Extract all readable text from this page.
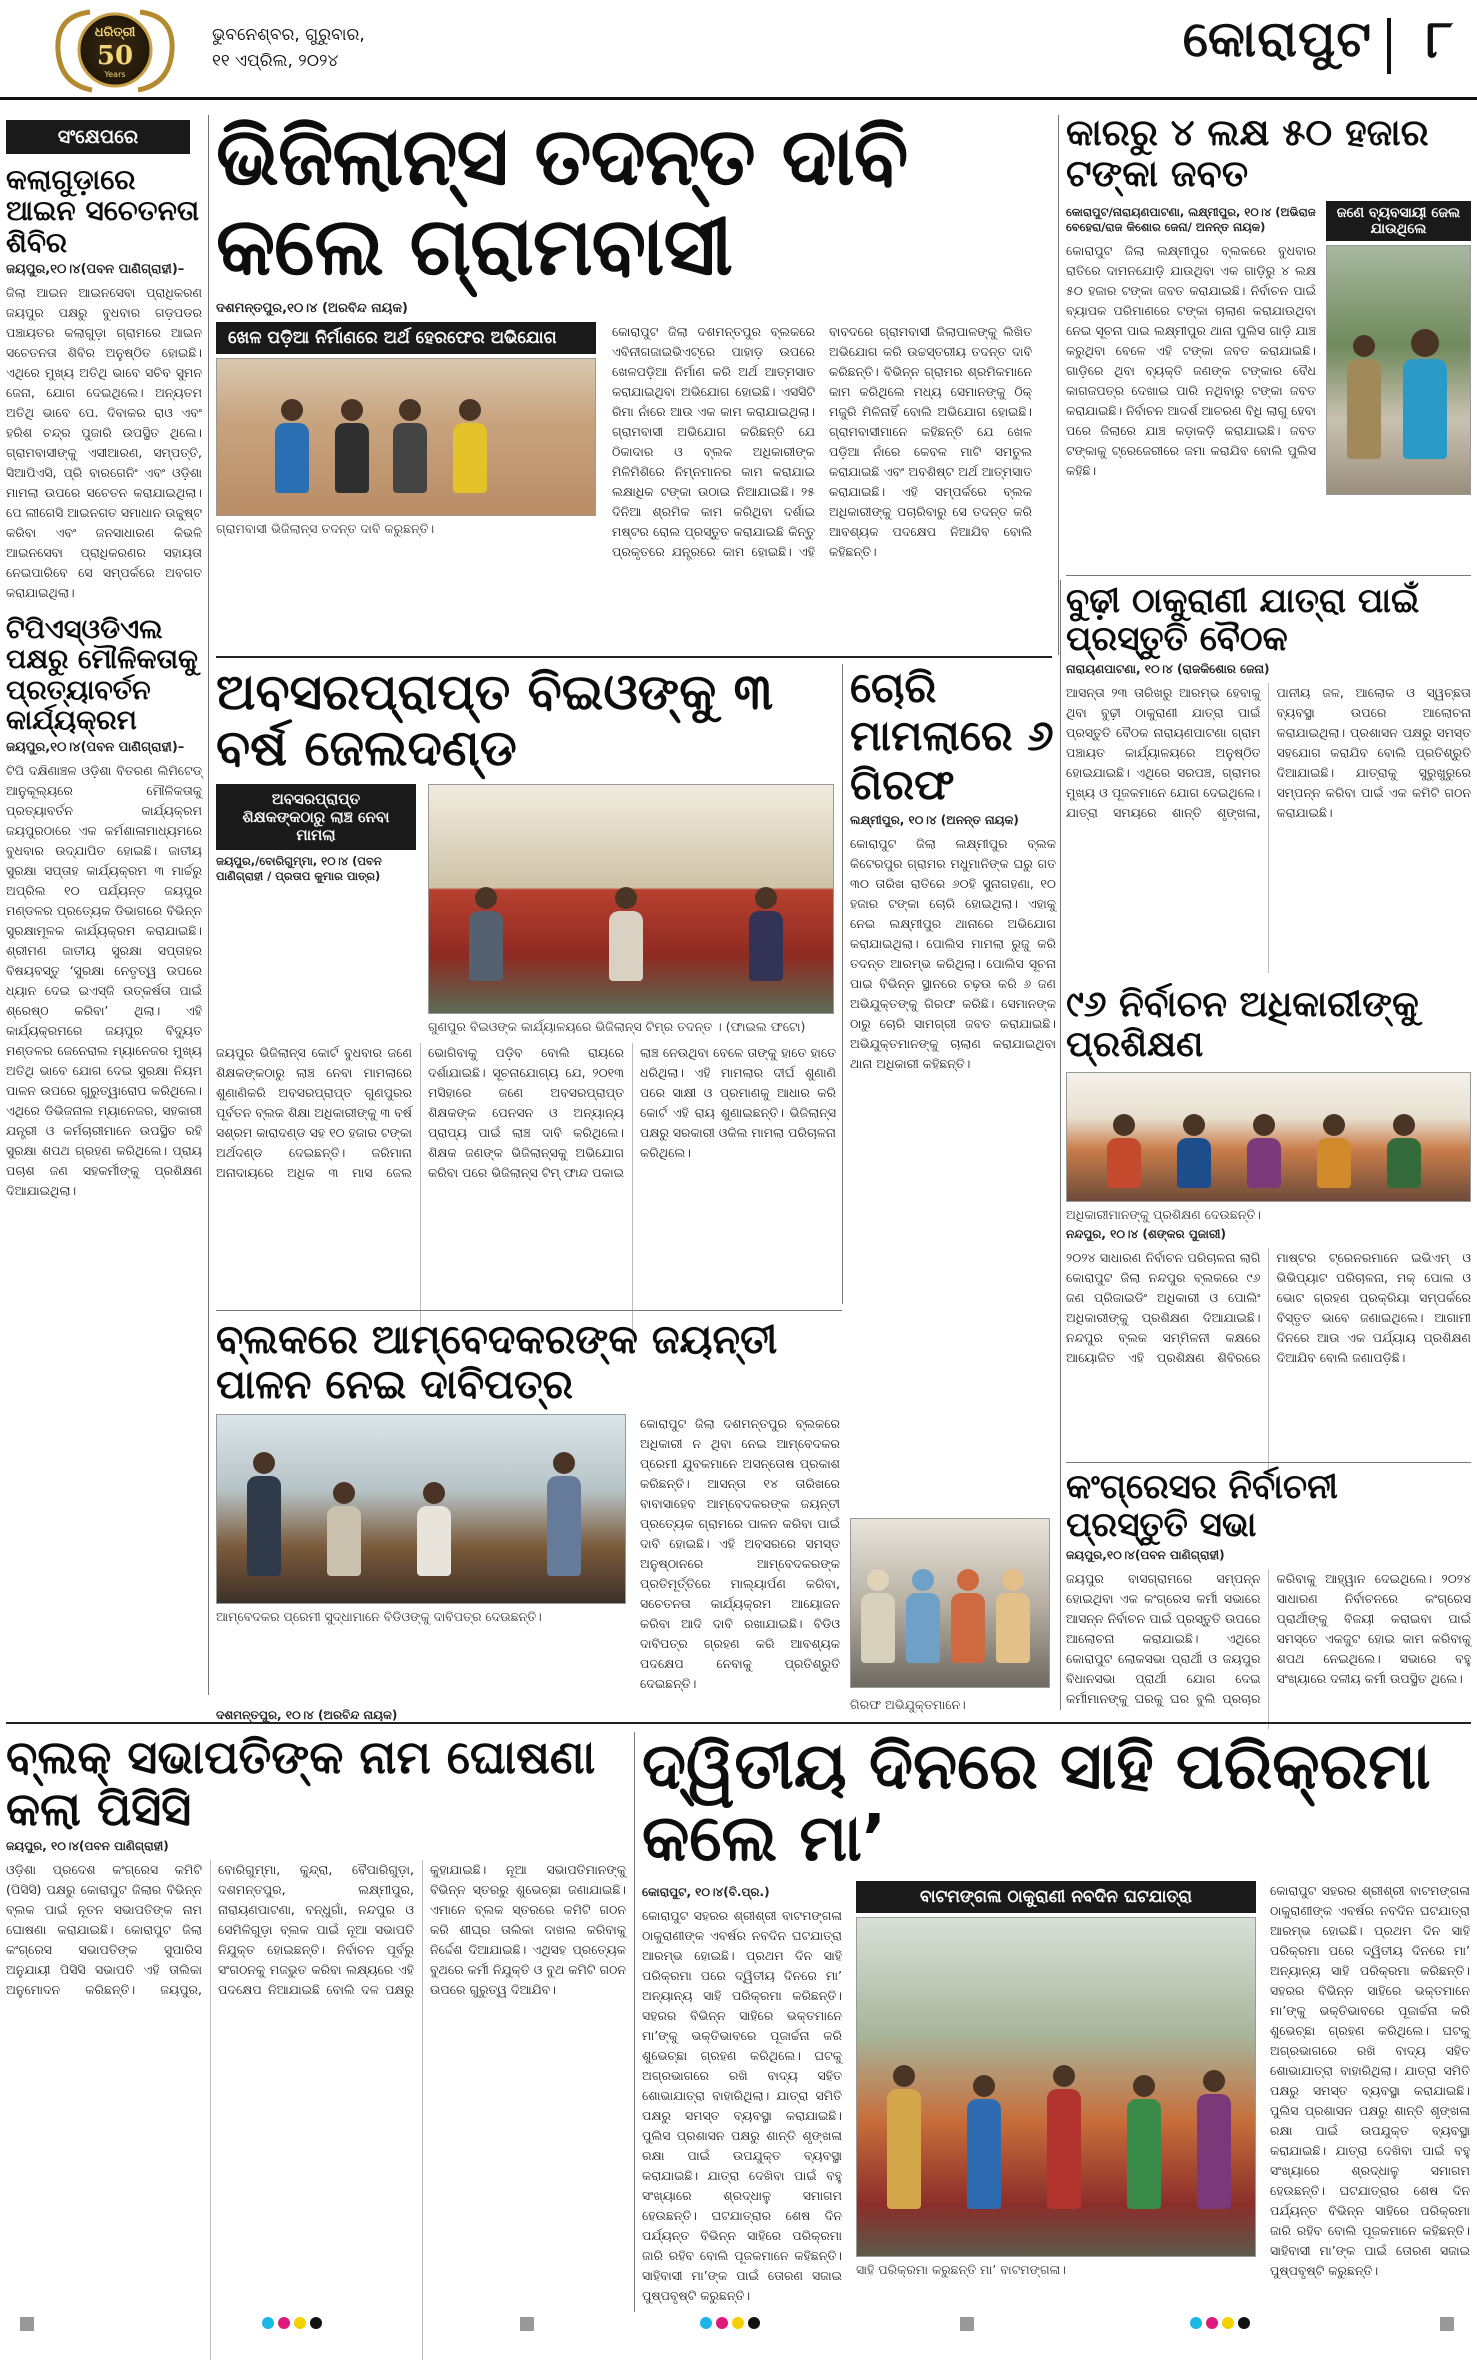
ଧରିତ୍ରୀ
50
Years
ଭୁବନେଶ୍ବର, ଗୁରୁବାର,
୧୧ ଏପ୍ରିଲ, ୨୦୨୪	କୋରାପୁଟ ୮
ସଂକ୍ଷେପରେ
କଲାଗୁଡ଼ାରେ ଆଇନ ସଚେତନତା ଶିବିର
ଜୟପୁର,୧୦।୪(ପବନ ପାଣିଗ୍ରାହୀ)–
ଜିଲା ଆଇନ ଆଇନସେବା ପ୍ରାଧିକରଣ ଜୟପୁର ପକ୍ଷରୁ ବୁଧବାର ଗଡ଼ପଡର ପଞ୍ଚାୟତର କଲାଗୁଡ଼ା ଗ୍ରାମରେ ଆଇନ ସଚେତନତା ଶିବିର ଅନୁଷ୍ଠିତ ହୋଇଛି। ଏଥିରେ ମୁଖ୍ୟ ଅତିଥି ଭାବେ ସଚିବ ସୁମନ ଜେନା, ଯୋଗ ଦେଇଥିଲେ। ଅନ୍ୟତମ ଅତିଥି ଭାବେ ପେ. ଦିବାକର ରାଓ ଏବଂ ହରିଶ ଚନ୍ଦ୍ର ପୁଜାରି ଉପସ୍ଥିତ ଥିଲେ। ଗ୍ରାମବାସୀଙ୍କୁ ଏସୀଆରଣ, ସମ୍ପତ୍ତି, ସିଆପିଏସି, ପ୍ରି ବାରଗେନିଂ ଏବଂ ଓଡ଼ିଶା ମାମଲା ଉପରେ ସଚେତନ କରାଯାଇଥିଲା। ପେ ଲୀଗେସି ଆଇନଗତ ସମାଧାନ ଉଚ୍ଚୁଷ୍ଟ କରିବା ଏବଂ ଜନସାଧାରଣ କିଭଳି ଆଇନସେବା ପ୍ରାଧିକରଣର ସହାୟତା ନେଇପାରିବେ ସେ ସମ୍ପର୍କରେ ଅବଗତ କରାଯାଇଥିଲା।
ଟିପିଏସ୍ଓଡିଏଲ ପକ୍ଷରୁ ମୌଳିକତାକୁ ପ୍ରତ୍ୟାବର୍ତନ କାର୍ଯ୍ୟକ୍ରମ
ଜୟପୁର,୧୦।୪(ପବନ ପାଣିଗ୍ରାହୀ)–
ଟିପି ଦକ୍ଷିଣାଞ୍ଚଳ ଓଡ଼ିଶା ବିତରଣ ଲିମିଟେଡ୍ ଆନୁକୂଲ୍ୟରେ ମୌଳିକତାକୁ ପ୍ରତ୍ୟାବର୍ତନ କାର୍ଯ୍ୟକ୍ରମ ଜୟପୁରଠାରେ ଏକ କର୍ମଶାଳାମାଧ୍ୟମରେ ବୁଧବାର ଉଦ୍ଯାପିତ ହୋଇଛି। ଜାତୀୟ ସୁରକ୍ଷା ସପ୍ତାହ କାର୍ଯ୍ୟକ୍ରମ ୩ ମାର୍ଚ୍ଚରୁ ଅପ୍ରିଲ ୧୦ ପର୍ଯ୍ୟନ୍ତ ଜୟପୁର ମଣ୍ଡଳର ପ୍ରତ୍ୟେକ ଡିଭାଗରେ ବିଭିନ୍ନ ସୁରକ୍ଷାମୂଳକ କାର୍ଯ୍ୟକ୍ରମ କରାଯାଇଛି। ଶ୍ରୀମଣ ଜାତୀୟ ସୁରକ୍ଷା ସପ୍ତାହର ବିଷୟବସ୍ତୁ ‘ସୁରକ୍ଷା ନେତୃତ୍ୱ ଉପରେ ଧ୍ୟାନ ଦେଇ ଇଏସ୍ଜି ଉତ୍କର୍ଷତା ପାଇଁ ଶ୍ରେଷ୍ଠ କରିବା’ ଥିଲା। ଏହି କାର୍ଯ୍ୟକ୍ରମରେ ଜୟପୁର ବିଦ୍ୟୁତ ମଣ୍ଡଳର ଜେନେରାଲ ମ୍ୟାନେଜର ମୁଖ୍ୟ ଅତିଥି ଭାବେ ଯୋଗ ଦେଇ ସୁରକ୍ଷା ନିୟମ ପାଳନ ଉପରେ ଗୁରୁତ୍ୱାରୋପ କରିଥିଲେ। ଏଥିରେ ଡିଭିଜନାଲ ମ୍ୟାନେଜର, ସହକାରୀ ଯନ୍ତ୍ରୀ ଓ କର୍ମଚାରୀମାନେ ଉପସ୍ଥିତ ରହି ସୁରକ୍ଷା ଶପଥ ଗ୍ରହଣ କରିଥିଲେ। ପ୍ରାୟ ପଚାଶ ଜଣ ସହକର୍ମୀଙ୍କୁ ପ୍ରଶିକ୍ଷଣ ଦିଆଯାଇଥିଲା।
ଭିଜିଲାନ୍ସ ତଦନ୍ତ ଦାବି କଲେ ଗ୍ରାମବାସୀ
ଦଶମନ୍ତପୁର,୧୦।୪ (ଅରବିନ୍ଦ ନାୟକ)
ଖେଳ ପଡ଼ିଆ ନିର୍ମାଣରେ ଅର୍ଥ ହେରଫେର ଅଭିଯୋଗ
ଗ୍ରାମବାସୀ ଭିଜିଲାନ୍ସ ତଦନ୍ତ ଦାବି କରୁଛନ୍ତି।
କୋରାପୁଟ ଜିଲା ଦଶମନ୍ତପୁର ବ୍ଲକରେ ଏବିନୀଗଜାଇଭିଏଟ୍‌ରେ ପାହାଡ଼ ଉପରେ ଖେଳପଡ଼ିଆ ନିର୍ମାଣ କରି ଅର୍ଥ ଆତ୍ମସାତ କରାଯାଇଥିବା ଅଭିଯୋଗ ହୋଇଛି। ଏସସିଟି ରିମା ନାଁରେ ଆଉ ଏକ କାମ କରାଯାଇଥିଲା। ଗ୍ରାମବାସୀ ଅଭିଯୋଗ କରିଛନ୍ତି ଯେ ଠିକାଦାର ଓ ବ୍ଲକ ଅଧିକାରୀଙ୍କ ମିଳିମିଶିରେ ନିମ୍ନମାନର କାମ କରାଯାଇ ଲକ୍ଷାଧିକ ଟଙ୍କା ଉଠାଇ ନିଆଯାଇଛି। ୨୫ ଦିନିଆ ଶ୍ରମିକ କାମ କରିଥିବା ଦର୍ଶାଇ ମଷ୍ଟର ରୋଲ ପ୍ରସ୍ତୁତ କରାଯାଇଛି କିନ୍ତୁ ପ୍ରକୃତରେ ଯନ୍ତ୍ରରେ କାମ ହୋଇଛି। ଏହି ବାବଦରେ ଗ୍ରାମବାସୀ ଜିଲାପାଳଙ୍କୁ ଲିଖିତ ଅଭିଯୋଗ କରି ଉଚ୍ଚସ୍ତରୀୟ ତଦନ୍ତ ଦାବି କରିଛନ୍ତି। ବିଭିନ୍ନ ଗ୍ରାମର ଶ୍ରମିକମାନେ କାମ କରିଥିଲେ ମଧ୍ୟ ସେମାନଙ୍କୁ ଠିକ୍ ମଜୁରି ମିଳିନାହିଁ ବୋଲି ଅଭିଯୋଗ ହୋଇଛି। ଗ୍ରାମବାସୀମାନେ କହିଛନ୍ତି ଯେ ଖେଳ ପଡ଼ିଆ ନାଁରେ କେବଳ ମାଟି ସମତୁଲ କରାଯାଇଛି ଏବଂ ଅବଶିଷ୍ଟ ଅର୍ଥ ଆତ୍ମସାତ କରାଯାଇଛି। ଏହି ସମ୍ପର୍କରେ ବ୍ଲକ ଅଧିକାରୀଙ୍କୁ ପଚାରିବାରୁ ସେ ତଦନ୍ତ କରି ଆବଶ୍ୟକ ପଦକ୍ଷେପ ନିଆଯିବ ବୋଲି କହିଛନ୍ତି।
କାରରୁ ୪ ଲକ୍ଷ ୫୦ ହଜାର ଟଙ୍କା ଜବତ
କୋରାପୁଟ/ନାରାୟଣପାଟଣା, ଲକ୍ଷ୍ମୀପୁର, ୧୦।୪ (ଅଭିରାଜ ବେହେରା/ରାଜ କିଶୋର ଜେନା/ ଅନନ୍ତ ନାୟକ)
କୋରାପୁଟ ଜିଲା ଲକ୍ଷ୍ମୀପୁର ବ୍ଲକରେ ବୁଧବାର ରାତିରେ ଦାମନଯୋଡ଼ି ଯାଉଥିବା ଏକ ଗାଡ଼ିରୁ ୪ ଲକ୍ଷ ୫୦ ହଜାର ଟଙ୍କା ଜବତ କରାଯାଇଛି। ନିର୍ବାଚନ ପାଇଁ ବ୍ୟାପକ ପରିମାଣରେ ଟଙ୍କା ଚାଲାଣ କରାଯାଉଥିବା ନେଇ ସୂଚନା ପାଇ ଲକ୍ଷ୍ମୀପୁର ଥାନା ପୁଲିସ ଗାଡ଼ି ଯାଞ୍ଚ କରୁଥିବା ବେଳେ ଏହି ଟଙ୍କା ଜବତ କରାଯାଇଛି। ଗାଡ଼ିରେ ଥିବା ବ୍ୟକ୍ତି ଜଣଙ୍କ ଟଙ୍କାର ବୈଧ କାଗଜପତ୍ର ଦେଖାଇ ପାରି ନଥିବାରୁ ଟଙ୍କା ଜବତ କରାଯାଇଛି। ନିର୍ବାଚନ ଆଦର୍ଶ ଆଚରଣ ବିଧି ଲାଗୁ ହେବା ପରେ ଜିଲାରେ ଯାଞ୍ଚ କଡ଼ାକଡ଼ି କରାଯାଇଛି। ଜବତ ଟଙ୍କାକୁ ଟ୍ରେଜେରୀରେ ଜମା କରାଯିବ ବୋଲି ପୁଲିସ କହିଛି।
ଜଣେ ବ୍ୟବସାୟୀ ଜେଲ ଯାଉଥିଲେ
ବୁଢ଼ୀ ଠାକୁରାଣୀ ଯାତ୍ରା ପାଇଁ ପ୍ରସ୍ତୁତି ବୈଠକ
ନାରାୟଣପାଟଣା, ୧୦।୪ (ରାଜକିଶୋର ଜେନା)
ଆସନ୍ତା ୨୩ ତାରିଖରୁ ଆରମ୍ଭ ହେବାକୁ ଥିବା ବୁଢ଼ୀ ଠାକୁରାଣୀ ଯାତ୍ରା ପାଇଁ ପ୍ରସ୍ତୁତି ବୈଠକ ନାରାୟଣପାଟଣା ଗ୍ରାମ ପଞ୍ଚାୟତ କାର୍ଯ୍ୟାଳୟରେ ଅନୁଷ୍ଠିତ ହୋଇଯାଇଛି। ଏଥିରେ ସରପଞ୍ଚ, ଗ୍ରାମର ମୁଖ୍ୟ ଓ ପୂଜକମାନେ ଯୋଗ ଦେଇଥିଲେ। ଯାତ୍ରା ସମୟରେ ଶାନ୍ତି ଶୃଙ୍ଖଳା, ପାନୀୟ ଜଳ, ଆଲୋକ ଓ ସ୍ୱଚ୍ଛତା ବ୍ୟବସ୍ଥା ଉପରେ ଆଲୋଚନା କରାଯାଇଥିଲା। ପ୍ରଶାସନ ପକ୍ଷରୁ ସମସ୍ତ ସହଯୋଗ କରାଯିବ ବୋଲି ପ୍ରତିଶ୍ରୁତି ଦିଆଯାଇଛି। ଯାତ୍ରାକୁ ସୁରୁଖୁରୁରେ ସମ୍ପନ୍ନ କରିବା ପାଇଁ ଏକ କମିଟି ଗଠନ କରାଯାଇଛି।
ଅବସରପ୍ରାପ୍ତ ବିଇଓଙ୍କୁ ୩ ବର୍ଷ ଜେଲଦଣ୍ଡ
ଅବସରପ୍ରାପ୍ତ ଶିକ୍ଷକଙ୍କଠାରୁ ଲାଞ୍ଚ ନେବା ମାମଲା
ଜୟପୁର,/ବୋରିଗୁମ୍ମା, ୧୦।୪ (ପବନ ପାଣିଗ୍ରାହୀ / ପ୍ରତାପ କୁମାର ପାତ୍ର)
ଗୁଣପୁର ବିଇଓଙ୍କ କାର୍ଯ୍ୟାଳୟରେ ଭିଜିଲାନ୍ସ ଟିମ୍ର ତଦନ୍ତ । (ଫାଇଲ ଫଟୋ)
ଜୟପୁର ଭିଜିଲାନ୍ସ କୋର୍ଟ ବୁଧବାର ଜଣେ ଶିକ୍ଷକଙ୍କଠାରୁ ଲାଞ୍ଚ ନେବା ମାମଲାରେ ଶୁଣାଣିକରି ଅବସରପ୍ରାପ୍ତ ଗୁଣପୁରର ପୂର୍ବତନ ବ୍ଲକ ଶିକ୍ଷା ଅଧିକାରୀଙ୍କୁ ୩ ବର୍ଷ ସଶ୍ରମ କାରାଦଣ୍ଡ ସହ ୧୦ ହଜାର ଟଙ୍କା ଅର୍ଥଦଣ୍ଡ ଦେଇଛନ୍ତି। ଜରିମାନା ଅନାଦାୟରେ ଅଧିକ ୩ ମାସ ଜେଲ ଭୋଗିବାକୁ ପଡ଼ିବ ବୋଲି ରାୟରେ ଦର୍ଶାଯାଇଛି। ସୂଚନାଯୋଗ୍ୟ ଯେ, ୨୦୧୩ ମସିହାରେ ଜଣେ ଅବସରପ୍ରାପ୍ତ ଶିକ୍ଷକଙ୍କ ପେନସନ ଓ ଅନ୍ୟାନ୍ୟ ପ୍ରାପ୍ୟ ପାଇଁ ଲାଞ୍ଚ ଦାବି କରିଥିଲେ। ଶିକ୍ଷକ ଜଣଙ୍କ ଭିଜିଲାନ୍ସକୁ ଅଭିଯୋଗ କରିବା ପରେ ଭିଜିଲାନ୍ସ ଟିମ୍ ଫାନ୍ଦ ପକାଇ ଲାଞ୍ଚ ନେଉଥିବା ବେଳେ ତାଙ୍କୁ ହାତେ ହାତେ ଧରିଥିଲା। ଏହି ମାମଲାର ଦୀର୍ଘ ଶୁଣାଣି ପରେ ସାକ୍ଷୀ ଓ ପ୍ରମାଣକୁ ଆଧାର କରି କୋର୍ଟ ଏହି ରାୟ ଶୁଣାଇଛନ୍ତି। ଭିଜିଲାନ୍ସ ପକ୍ଷରୁ ସରକାରୀ ଓକିଲ ମାମଲା ପରିଚାଳନା କରିଥିଲେ।
ଚୋରି ମାମଲାରେ ୬ ଗିରଫ
ଲକ୍ଷ୍ମୀପୁର, ୧୦।୪ (ଅନନ୍ତ ନାୟକ)
କୋରାପୁଟ ଜିଲା ଲକ୍ଷ୍ମୀପୁର ବ୍ଲକ କିଟେରପୁର ଗ୍ରାମର ମଧୁମାନିଙ୍କ ଘରୁ ଗତ ୩୦ ତାରିଖ ରାତିରେ ୬୦ହି ସୁନାଗହଣା, ୧୦ ହଜାର ଟଙ୍କା ଚୋରି ହୋଇଥିଲା। ଏହାକୁ ନେଇ ଲକ୍ଷ୍ମୀପୁର ଥାନାରେ ଅଭିଯୋଗ କରାଯାଇଥିଲା। ପୋଲିସ ମାମଲା ରୁଜୁ କରି ତଦନ୍ତ ଆରମ୍ଭ କରିଥିଲା। ପୋଲିସ ସୂଚନା ପାଇ ବିଭିନ୍ନ ସ୍ଥାନରେ ଚଢ଼ଉ କରି ୬ ଜଣ ଅଭିଯୁକ୍ତଙ୍କୁ ଗିରଫ କରିଛି। ସେମାନଙ୍କ ଠାରୁ ଚୋରି ସାମଗ୍ରୀ ଜବତ କରାଯାଇଛି। ଅଭିଯୁକ୍ତମାନଙ୍କୁ ଚାଲାଣ କରାଯାଇଥିବା ଥାନା ଅଧିକାରୀ କହିଛନ୍ତି।
୯୬ ନିର୍ବାଚନ ଅଧିକାରୀଙ୍କୁ ପ୍ରଶିକ୍ଷଣ
ଅଧିକାରୀମାନଙ୍କୁ ପ୍ରଶିକ୍ଷଣ ଦେଉଛନ୍ତି।
ନନ୍ଦପୁର, ୧୦।୪ (ଶଙ୍କର ପୁଜାରୀ)
୨୦୨୪ ସାଧାରଣ ନିର୍ବାଚନ ପରିଚାଳନା ଲାଗି କୋରାପୁଟ ଜିଲା ନନ୍ଦପୁର ବ୍ଲକରେ ୯୬ ଜଣ ପ୍ରିଜାଇଡିଂ ଅଧିକାରୀ ଓ ପୋଲିଂ ଅଧିକାରୀଙ୍କୁ ପ୍ରଶିକ୍ଷଣ ଦିଆଯାଇଛି। ନନ୍ଦପୁର ବ୍ଲକ ସମ୍ମିଳନୀ କକ୍ଷରେ ଆୟୋଜିତ ଏହି ପ୍ରଶିକ୍ଷଣ ଶିବିରରେ ମାଷ୍ଟର ଟ୍ରେନରମାନେ ଇଭିଏମ୍ ଓ ଭିଭିପ୍ୟାଟ ପରିଚାଳନା, ମକ୍ ପୋଲ ଓ ଭୋଟ ଗ୍ରହଣ ପ୍ରକ୍ରିୟା ସମ୍ପର୍କରେ ବିସ୍ତୃତ ଭାବେ ଜଣାଇଥିଲେ। ଆଗାମୀ ଦିନରେ ଆଉ ଏକ ପର୍ଯ୍ୟାୟ ପ୍ରଶିକ୍ଷଣ ଦିଆଯିବ ବୋଲି ଜଣାପଡ଼ିଛି।
ବ୍ଲକରେ ଆମ୍ବେଦକରଙ୍କ ଜୟନ୍ତୀ ପାଳନ ନେଇ ଦାବିପତ୍ର
ଆମ୍ବେଦକର ପ୍ରେମୀ ସୁଦ୍ଧାମାନେ ବିଡିଓଙ୍କୁ ଦାବିପତ୍ର ଦେଉଛନ୍ତି।
କୋରାପୁଟ ଜିଲା ଦଶମନ୍ତପୁର ବ୍ଲକରେ ଅଧିକାରୀ ନ ଥିବା ନେଇ ଆମ୍ବେଦକର ପ୍ରେମୀ ଯୁବକମାନେ ଅସନ୍ତୋଷ ପ୍ରକାଶ କରିଛନ୍ତି। ଆସନ୍ତା ୧୪ ତାରିଖରେ ବାବାସାହେବ ଆମ୍ବେଦକରଙ୍କ ଜୟନ୍ତୀ ପ୍ରତ୍ୟେକ ଗ୍ରାମରେ ପାଳନ କରିବା ପାଇଁ ଦାବି ହୋଇଛି। ଏହି ଅବସରରେ ସମସ୍ତ ଅନୁଷ୍ଠାନରେ ଆମ୍ବେଦକରଙ୍କ ପ୍ରତିମୂର୍ତ୍ତିରେ ମାଲ୍ୟାର୍ପଣ କରିବା, ସଚେତନତା କାର୍ଯ୍ୟକ୍ରମ ଆୟୋଜନ କରିବା ଆଦି ଦାବି ରଖାଯାଇଛି। ବିଡିଓ ଦାବିପତ୍ର ଗ୍ରହଣ କରି ଆବଶ୍ୟକ ପଦକ୍ଷେପ ନେବାକୁ ପ୍ରତିଶ୍ରୁତି ଦେଇଛନ୍ତି।
ଦଶମନ୍ତପୁର, ୧୦।୪ (ଅରବିନ୍ଦ ନାୟକ)
ଗିରଫ ଅଭିଯୁକ୍ତମାନେ।
କଂଗ୍ରେସର ନିର୍ବାଚନୀ ପ୍ରସ୍ତୁତି ସଭା
ଜୟପୁର,୧୦।୪(ପବନ ପାଣିଗ୍ରାହୀ)
ଜୟପୁର ବାସଗ୍ରାମରେ ସମ୍ପନ୍ନ ହୋଇଥିବା ଏକ କଂଗ୍ରେସ କର୍ମୀ ସଭାରେ ଆସନ୍ନ ନିର୍ବାଚନ ପାଇଁ ପ୍ରସ୍ତୁତି ଉପରେ ଆଲୋଚନା କରାଯାଇଛି। ଏଥିରେ କୋରାପୁଟ ଲୋକସଭା ପ୍ରାର୍ଥୀ ଓ ଜୟପୁର ବିଧାନସଭା ପ୍ରାର୍ଥୀ ଯୋଗ ଦେଇ କର୍ମୀମାନଙ୍କୁ ଘରକୁ ଘର ବୁଲି ପ୍ରଚାର କରିବାକୁ ଆହ୍ୱାନ ଦେଇଥିଲେ। ୨୦୨୪ ସାଧାରଣ ନିର୍ବାଚନରେ କଂଗ୍ରେସ ପ୍ରାର୍ଥୀଙ୍କୁ ବିଜୟୀ କରାଇବା ପାଇଁ ସମସ୍ତେ ଏକଜୁଟ ହୋଇ କାମ କରିବାକୁ ଶପଥ ନେଇଥିଲେ। ସଭାରେ ବହୁ ସଂଖ୍ୟାରେ ଦଳୀୟ କର୍ମୀ ଉପସ୍ଥିତ ଥିଲେ।
ବ୍ଲକ୍ ସଭାପତିଙ୍କ ନାମ ଘୋଷଣା କଲା ପିସିସି
ଜୟପୁର, ୧୦।୪(ପବନ ପାଣିଗ୍ରାହୀ)
ଓଡ଼ିଶା ପ୍ରଦେଶ କଂଗ୍ରେସ କମିଟି (ପିସିସି) ପକ୍ଷରୁ କୋରାପୁଟ ଜିଲାର ବିଭିନ୍ନ ବ୍ଲକ ପାଇଁ ନୂତନ ସଭାପତିଙ୍କ ନାମ ଘୋଷଣା କରାଯାଇଛି। କୋରାପୁଟ ଜିଲା କଂଗ୍ରେସ ସଭାପତିଙ୍କ ସୁପାରିସ ଅନୁଯାୟୀ ପିସିସି ସଭାପତି ଏହି ତାଲିକା ଅନୁମୋଦନ କରିଛନ୍ତି। ଜୟପୁର, ବୋରିଗୁମ୍ମା, କୁନ୍ଦ୍ରା, ବୈପାରିଗୁଡ଼ା, ଦଶମନ୍ତପୁର, ଲକ୍ଷ୍ମୀପୁର, ନାରାୟଣପାଟଣା, ବନ୍ଧୁଗାଁ, ନନ୍ଦପୁର ଓ ସେମିଳିଗୁଡ଼ା ବ୍ଲକ ପାଇଁ ନୂଆ ସଭାପତି ନିଯୁକ୍ତ ହୋଇଛନ୍ତି। ନିର୍ବାଚନ ପୂର୍ବରୁ ସଂଗଠନକୁ ମଜଭୁତ କରିବା ଲକ୍ଷ୍ୟରେ ଏହି ପଦକ୍ଷେପ ନିଆଯାଇଛି ବୋଲି ଦଳ ପକ୍ଷରୁ କୁହାଯାଇଛି। ନୂଆ ସଭାପତିମାନଙ୍କୁ ବିଭିନ୍ନ ସ୍ତରରୁ ଶୁଭେଚ୍ଛା ଜଣାଯାଇଛି। ଏମାନେ ବ୍ଲକ ସ୍ତରରେ କମିଟି ଗଠନ କରି ଶୀଘ୍ର ତାଲିକା ଦାଖଲ କରିବାକୁ ନିର୍ଦ୍ଦେଶ ଦିଆଯାଇଛି। ଏଥିସହ ପ୍ରତ୍ୟେକ ବୁଥରେ କର୍ମୀ ନିଯୁକ୍ତି ଓ ବୁଥ କମିଟି ଗଠନ ଉପରେ ଗୁରୁତ୍ୱ ଦିଆଯିବ।
ଦ୍ୱିତୀୟ ଦିନରେ ସାହି ପରିକ୍ରମା କଲେ ମା’
କୋରାପୁଟ, ୧୦।୪(ବି.ପ୍ର.)
କୋରାପୁଟ ସହରର ଶ୍ରୀଶ୍ରୀ ବାଟମଙ୍ଗଳା ଠାକୁରାଣୀଙ୍କ ଏବର୍ଷର ନବଦିନ ଘଟଯାତ୍ରା ଆରମ୍ଭ ହୋଇଛି। ପ୍ରଥମ ଦିନ ସାହି ପରିକ୍ରମା ପରେ ଦ୍ୱିତୀୟ ଦିନରେ ମା’ ଅନ୍ୟାନ୍ୟ ସାହି ପରିକ୍ରମା କରିଛନ୍ତି। ସହରର ବିଭିନ୍ନ ସାହିରେ ଭକ୍ତମାନେ ମା’ଙ୍କୁ ଭକ୍ତିଭାବରେ ପୂଜାର୍ଚ୍ଚନା କରି ଶୁଭେଚ୍ଛା ଗ୍ରହଣ କରିଥିଲେ। ଘଟକୁ ଅଗ୍ରଭାଗରେ ରଖି ବାଦ୍ୟ ସହିତ ଶୋଭାଯାତ୍ରା ବାହାରିଥିଲା। ଯାତ୍ରା ସମିତି ପକ୍ଷରୁ ସମସ୍ତ ବ୍ୟବସ୍ଥା କରାଯାଇଛି। ପୁଲିସ ପ୍ରଶାସନ ପକ୍ଷରୁ ଶାନ୍ତି ଶୃଙ୍ଖଳା ରକ୍ଷା ପାଇଁ ଉପଯୁକ୍ତ ବ୍ୟବସ୍ଥା କରାଯାଇଛି। ଯାତ୍ରା ଦେଖିବା ପାଇଁ ବହୁ ସଂଖ୍ୟାରେ ଶ୍ରଦ୍ଧାଳୁ ସମାଗମ ହେଉଛନ୍ତି। ଘଟଯାତ୍ରାର ଶେଷ ଦିନ ପର୍ଯ୍ୟନ୍ତ ବିଭିନ୍ନ ସାହିରେ ପରିକ୍ରମା ଜାରି ରହିବ ବୋଲି ପୂଜକମାନେ କହିଛନ୍ତି। ସାହିବାସୀ ମା’ଙ୍କ ପାଇଁ ତୋରଣ ସଜାଇ ପୁଷ୍ପବୃଷ୍ଟି କରୁଛନ୍ତି।
ବାଟମଙ୍ଗଳା ଠାକୁରାଣୀ ନବଦିନ ଘଟଯାତ୍ରା
ସାହି ପରିକ୍ରମା କରୁଛନ୍ତି ମା’ ବାଟମଙ୍ଗଳା।
କୋରାପୁଟ ସହରର ଶ୍ରୀଶ୍ରୀ ବାଟମଙ୍ଗଳା ଠାକୁରାଣୀଙ୍କ ଏବର୍ଷର ନବଦିନ ଘଟଯାତ୍ରା ଆରମ୍ଭ ହୋଇଛି। ପ୍ରଥମ ଦିନ ସାହି ପରିକ୍ରମା ପରେ ଦ୍ୱିତୀୟ ଦିନରେ ମା’ ଅନ୍ୟାନ୍ୟ ସାହି ପରିକ୍ରମା କରିଛନ୍ତି। ସହରର ବିଭିନ୍ନ ସାହିରେ ଭକ୍ତମାନେ ମା’ଙ୍କୁ ଭକ୍ତିଭାବରେ ପୂଜାର୍ଚ୍ଚନା କରି ଶୁଭେଚ୍ଛା ଗ୍ରହଣ କରିଥିଲେ। ଘଟକୁ ଅଗ୍ରଭାଗରେ ରଖି ବାଦ୍ୟ ସହିତ ଶୋଭାଯାତ୍ରା ବାହାରିଥିଲା। ଯାତ୍ରା ସମିତି ପକ୍ଷରୁ ସମସ୍ତ ବ୍ୟବସ୍ଥା କରାଯାଇଛି। ପୁଲିସ ପ୍ରଶାସନ ପକ୍ଷରୁ ଶାନ୍ତି ଶୃଙ୍ଖଳା ରକ୍ଷା ପାଇଁ ଉପଯୁକ୍ତ ବ୍ୟବସ୍ଥା କରାଯାଇଛି। ଯାତ୍ରା ଦେଖିବା ପାଇଁ ବହୁ ସଂଖ୍ୟାରେ ଶ୍ରଦ୍ଧାଳୁ ସମାଗମ ହେଉଛନ୍ତି। ଘଟଯାତ୍ରାର ଶେଷ ଦିନ ପର୍ଯ୍ୟନ୍ତ ବିଭିନ୍ନ ସାହିରେ ପରିକ୍ରମା ଜାରି ରହିବ ବୋଲି ପୂଜକମାନେ କହିଛନ୍ତି। ସାହିବାସୀ ମା’ଙ୍କ ପାଇଁ ତୋରଣ ସଜାଇ ପୁଷ୍ପବୃଷ୍ଟି କରୁଛନ୍ତି।
